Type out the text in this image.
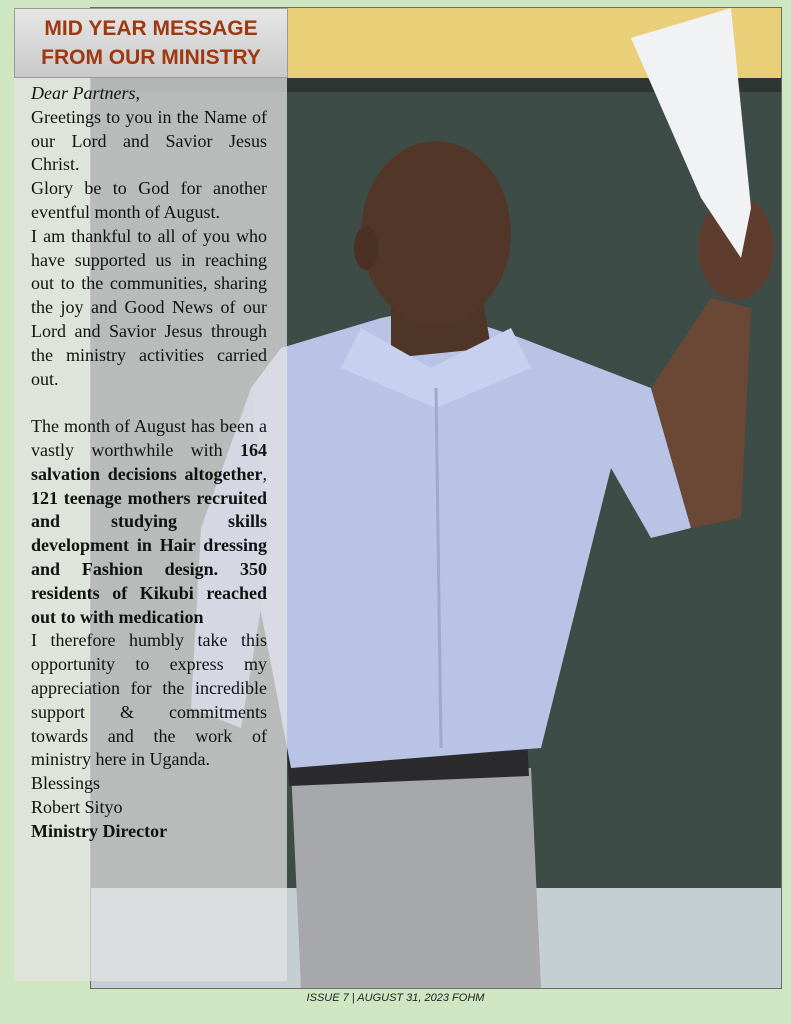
MID YEAR MESSAGE
FROM OUR MINISTRY

Dear Partners,

Greetings to you in the Name of our Lord and Savior Jesus Christ.

Glory be to God for another eventful month of August.

I am thankful to all of you who have supported us in reaching out to the communities, sharing the joy and Good News of our Lord and Savior Jesus through the ministry activities carried out.

The month of August has been a vastly worthwhile with 164 salvation decisions altogether, 121 teenage mothers recruited and studying skills development in Hair dressing and Fashion design. 350 residents of Kikubi reached out to with medication

I therefore humbly take this opportunity to express my appreciation for the incredible support & commitments towards and the work of ministry here in Uganda.

Blessings

Robert Sityo

Ministry Director

ISSUE 7 | AUGUST 31, 2023 FOHM
